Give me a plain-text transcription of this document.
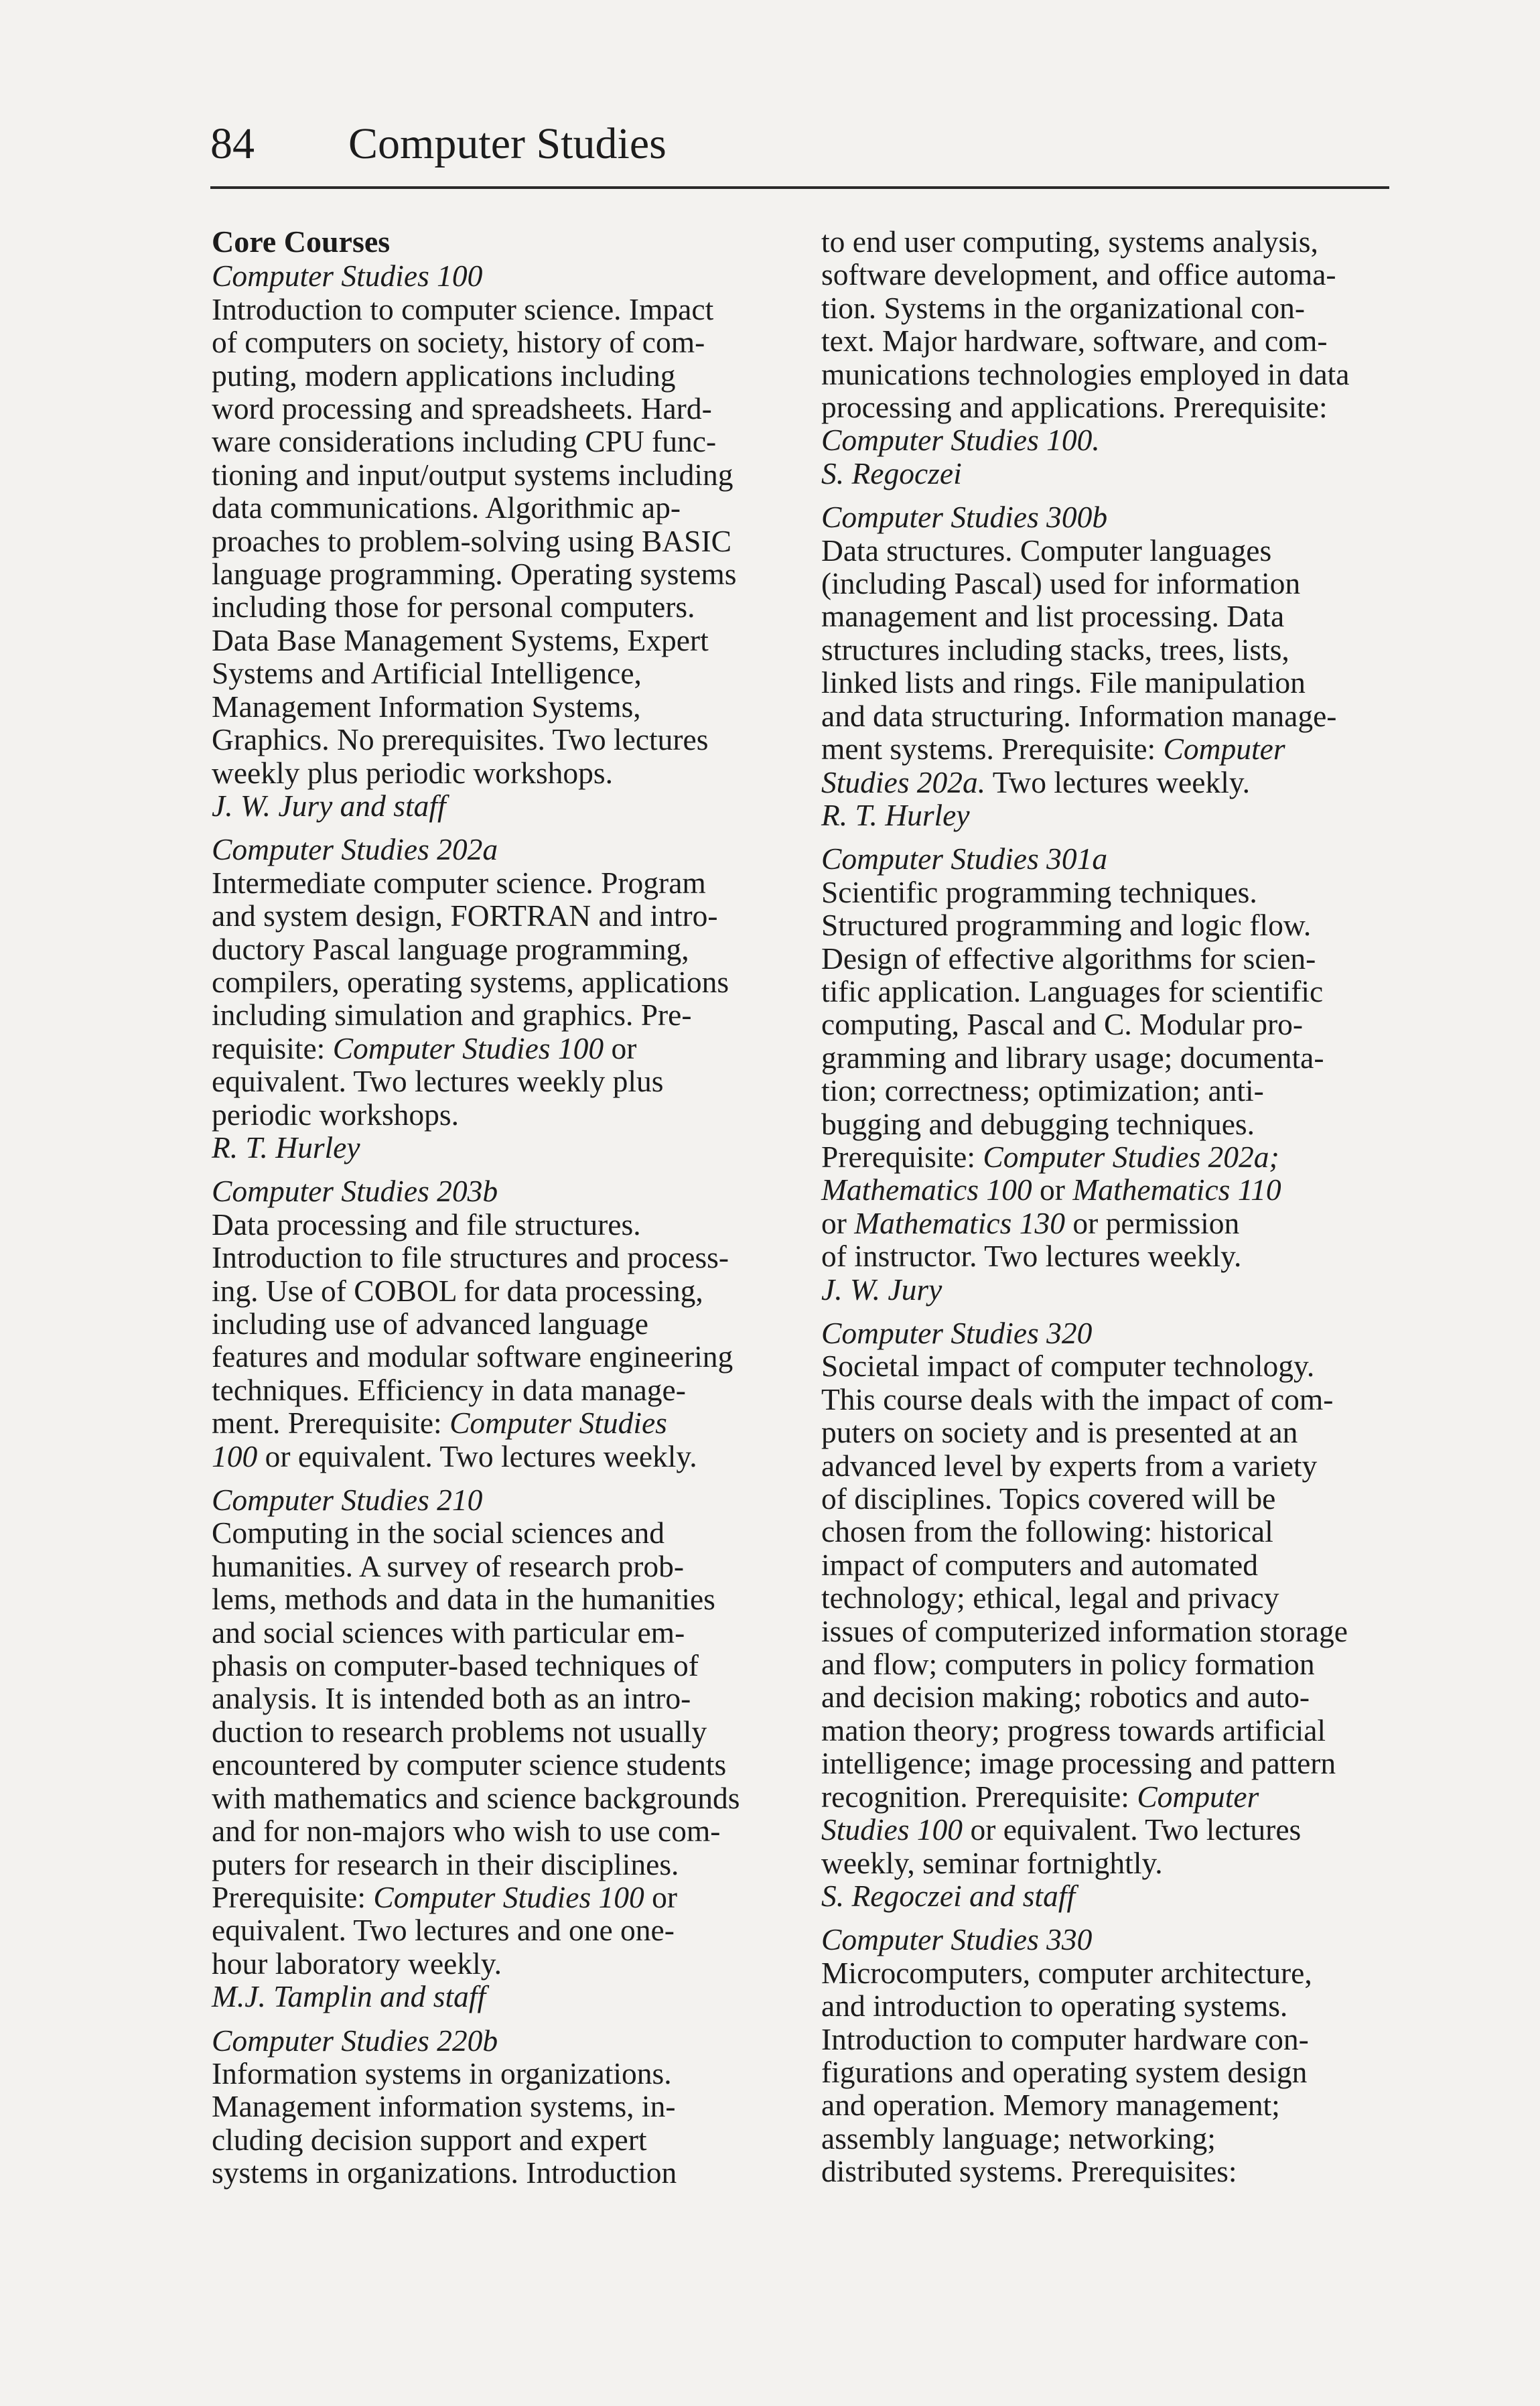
84 Computer Studies
Core Courses
Computer Studies 100
Introduction to computer science. Impact
of computers on society, history of com-
puting, modern applications including
word processing and spreadsheets. Hard-
ware considerations including CPU func-
tioning and input/output systems including
data communications. Algorithmic ap-
proaches to problem-solving using BASIC
language programming. Operating systems
including those for personal computers.
Data Base Management Systems, Expert
Systems and Artificial Intelligence,
Management Information Systems,
Graphics. No prerequisites. Two lectures
weekly plus periodic workshops.
J. W. Jury and staff
Computer Studies 202a
Intermediate computer science. Program
and system design, FORTRAN and intro-
ductory Pascal language programming,
compilers, operating systems, applications
including simulation and graphics. Pre-
requisite: Computer Studies 100 or
equivalent. Two lectures weekly plus
periodic workshops.
R. T. Hurley
Computer Studies 203b
Data processing and file structures.
Introduction to file structures and process-
ing. Use of COBOL for data processing,
including use of advanced language
features and modular software engineering
techniques. Efficiency in data manage-
ment. Prerequisite: Computer Studies
100 or equivalent. Two lectures weekly.
Computer Studies 210
Computing in the social sciences and
humanities. A survey of research prob-
lems, methods and data in the humanities
and social sciences with particular em-
phasis on computer-based techniques of
analysis. It is intended both as an intro-
duction to research problems not usually
encountered by computer science students
with mathematics and science backgrounds
and for non-majors who wish to use com-
puters for research in their disciplines.
Prerequisite: Computer Studies 100 or
equivalent. Two lectures and one one-
hour laboratory weekly.
M.J. Tamplin and staff
Computer Studies 220b
Information systems in organizations.
Management information systems, in-
cluding decision support and expert
systems in organizations. Introduction
to end user computing, systems analysis,
software development, and office automa-
tion. Systems in the organizational con-
text. Major hardware, software, and com-
munications technologies employed in data
processing and applications. Prerequisite:
Computer Studies 100.
S. Regoczei
Computer Studies 300b
Data structures. Computer languages
(including Pascal) used for information
management and list processing. Data
structures including stacks, trees, lists,
linked lists and rings. File manipulation
and data structuring. Information manage-
ment systems. Prerequisite: Computer
Studies 202a. Two lectures weekly.
R. T. Hurley
Computer Studies 301a
Scientific programming techniques.
Structured programming and logic flow.
Design of effective algorithms for scien-
tific application. Languages for scientific
computing, Pascal and C. Modular pro-
gramming and library usage; documenta-
tion; correctness; optimization; anti-
bugging and debugging techniques.
Prerequisite: Computer Studies 202a;
Mathematics 100 or Mathematics 110
or Mathematics 130 or permission
of instructor. Two lectures weekly.
J. W. Jury
Computer Studies 320
Societal impact of computer technology.
This course deals with the impact of com-
puters on society and is presented at an
advanced level by experts from a variety
of disciplines. Topics covered will be
chosen from the following: historical
impact of computers and automated
technology; ethical, legal and privacy
issues of computerized information storage
and flow; computers in policy formation
and decision making; robotics and auto-
mation theory; progress towards artificial
intelligence; image processing and pattern
recognition. Prerequisite: Computer
Studies 100 or equivalent. Two lectures
weekly, seminar fortnightly.
S. Regoczei and staff
Computer Studies 330
Microcomputers, computer architecture,
and introduction to operating systems.
Introduction to computer hardware con-
figurations and operating system design
and operation. Memory management;
assembly language; networking;
distributed systems. Prerequisites:
